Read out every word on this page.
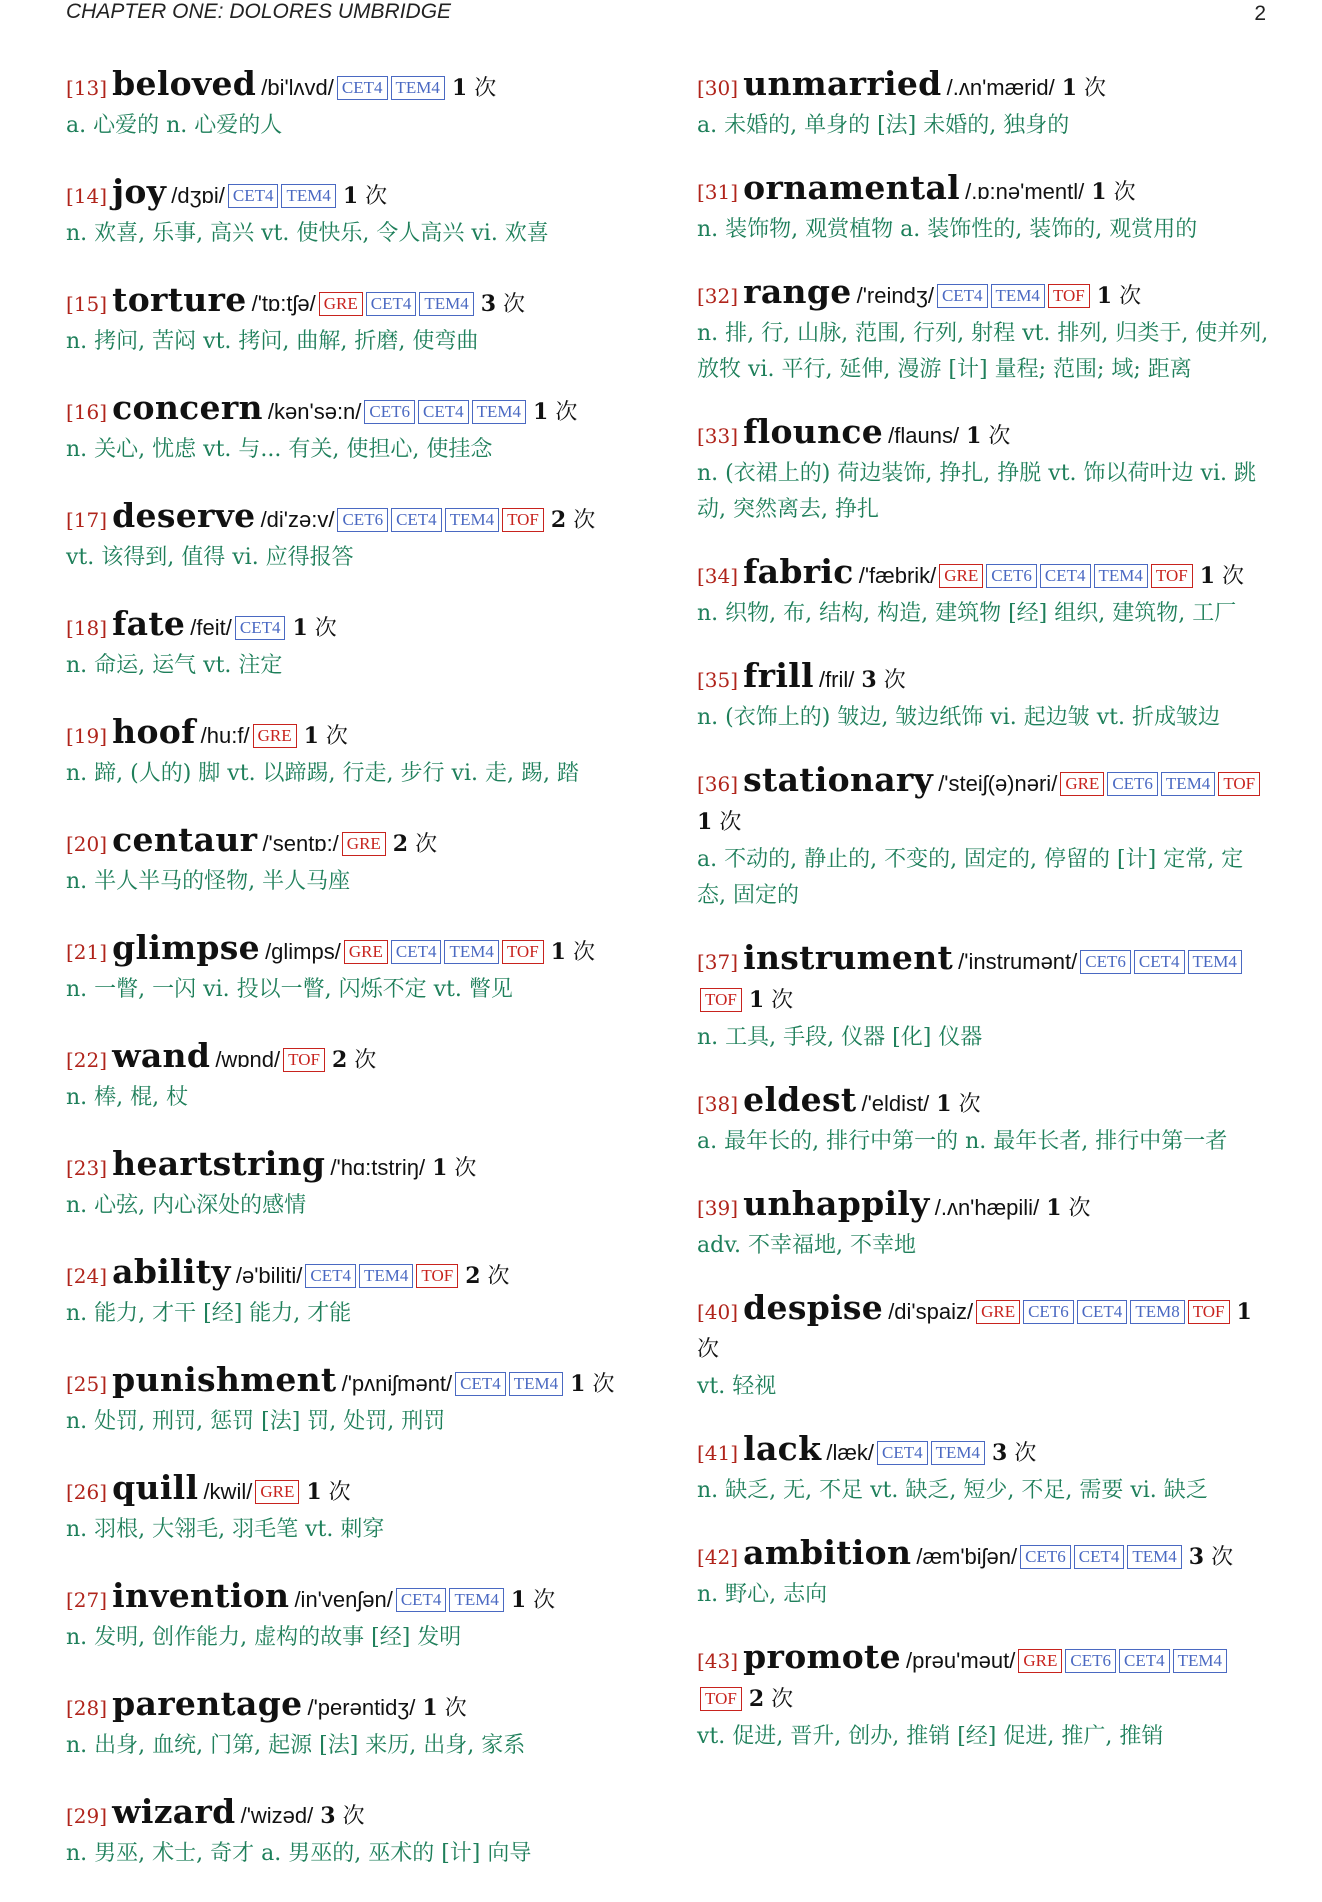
CHAPTER ONE: DOLORES UMBRIDGE	2
[13] beloved /bi'lʌvd/ CET4 TEM4 1 次
a. 心爱的 n. 心爱的人
[14] joy /dʒɒi/ CET4 TEM4 1 次
n. 欢喜, 乐事, 高兴 vt. 使快乐, 令人高兴 vi. 欢喜
[15] torture /'tɒ:tʃə/ GRE CET4 TEM4 3 次
n. 拷问, 苦闷 vt. 拷问, 曲解, 折磨, 使弯曲
[16] concern /kən'sə:n/ CET6 CET4 TEM4 1 次
n. 关心, 忧虑 vt. 与... 有关, 使担心, 使挂念
[17] deserve /di'zə:v/ CET6 CET4 TEM4 TOF 2 次
vt. 该得到, 值得 vi. 应得报答
[18] fate /feit/ CET4 1 次
n. 命运, 运气 vt. 注定
[19] hoof /hu:f/ GRE 1 次
n. 蹄, (人的) 脚 vt. 以蹄踢, 行走, 步行 vi. 走, 踢, 踏
[20] centaur /'sentɒ:/ GRE 2 次
n. 半人半马的怪物, 半人马座
[21] glimpse /glimps/ GRE CET4 TEM4 TOF 1 次
n. 一瞥, 一闪 vi. 投以一瞥, 闪烁不定 vt. 瞥见
[22] wand /wɒnd/ TOF 2 次
n. 棒, 棍, 杖
[23] heartstring /'hɑ:tstriŋ/ 1 次
n. 心弦, 内心深处的感情
[24] ability /ə'biliti/ CET4 TEM4 TOF 2 次
n. 能力, 才干 [经] 能力, 才能
[25] punishment /'pʌniʃmənt/ CET4 TEM4 1 次
n. 处罚, 刑罚, 惩罚 [法] 罚, 处罚, 刑罚
[26] quill /kwil/ GRE 1 次
n. 羽根, 大翎毛, 羽毛笔 vt. 刺穿
[27] invention /in'venʃən/ CET4 TEM4 1 次
n. 发明, 创作能力, 虚构的故事 [经] 发明
[28] parentage /'perəntidʒ/ 1 次
n. 出身, 血统, 门第, 起源 [法] 来历, 出身, 家系
[29] wizard /'wizəd/ 3 次
n. 男巫, 术士, 奇才 a. 男巫的, 巫术的 [计] 向导
[30] unmarried /.ʌn'mærid/ 1 次
a. 未婚的, 单身的 [法] 未婚的, 独身的
[31] ornamental /.ɒ:nə'mentl/ 1 次
n. 装饰物, 观赏植物 a. 装饰性的, 装饰的, 观赏用的
[32] range /'reindʒ/ CET4 TEM4 TOF 1 次
n. 排, 行, 山脉, 范围, 行列, 射程 vt. 排列, 归类于, 使并列, 放牧 vi. 平行, 延伸, 漫游 [计] 量程; 范围; 域; 距离
[33] flounce /flauns/ 1 次
n. (衣裙上的) 荷边装饰, 挣扎, 挣脱 vt. 饰以荷叶边 vi. 跳动, 突然离去, 挣扎
[34] fabric /'fæbrik/ GRE CET6 CET4 TEM4 TOF 1 次
n. 织物, 布, 结构, 构造, 建筑物 [经] 组织, 建筑物, 工厂
[35] frill /fril/ 3 次
n. (衣饰上的) 皱边, 皱边纸饰 vi. 起边皱 vt. 折成皱边
[36] stationary /'steiʃ(ə)nəri/ GRE CET6 TEM4 TOF 1 次
a. 不动的, 静止的, 不变的, 固定的, 停留的 [计] 定常, 定态, 固定的
[37] instrument /'instrumənt/ CET6 CET4 TEM4TOF 1 次
n. 工具, 手段, 仪器 [化] 仪器
[38] eldest /'eldist/ 1 次
a. 最年长的, 排行中第一的 n. 最年长者, 排行中第一者
[39] unhappily /.ʌn'hæpili/ 1 次
adv. 不幸福地, 不幸地
[40] despise /di'spaiz/ GRE CET6 CET4 TEM8 TOF 1 次
vt. 轻视
[41] lack /læk/ CET4 TEM4 3 次
n. 缺乏, 无, 不足 vt. 缺乏, 短少, 不足, 需要 vi. 缺乏
[42] ambition /æm'biʃən/ CET6 CET4 TEM4 3 次
n. 野心, 志向
[43] promote /prəu'məut/ GRE CET6 CET4 TEM4TOF 2 次
vt. 促进, 晋升, 创办, 推销 [经] 促进, 推广, 推销
